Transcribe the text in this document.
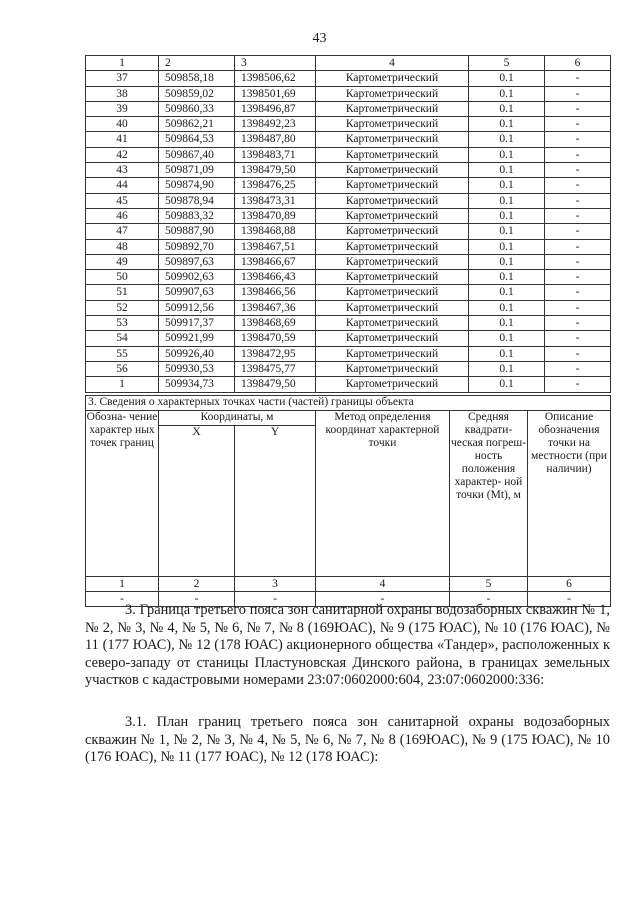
43
1	2	3	4	5	6
37	509858,18	1398506,62	Картометрический	0.1	-
38	509859,02	1398501,69	Картометрический	0.1	-
39	509860,33	1398496,87	Картометрический	0.1	-
40	509862,21	1398492,23	Картометрический	0.1	-
41	509864,53	1398487,80	Картометрический	0.1	-
42	509867,40	1398483,71	Картометрический	0.1	-
43	509871,09	1398479,50	Картометрический	0.1	-
44	509874,90	1398476,25	Картометрический	0.1	-
45	509878,94	1398473,31	Картометрический	0.1	-
46	509883,32	1398470,89	Картометрический	0.1	-
47	509887,90	1398468,88	Картометрический	0.1	-
48	509892,70	1398467,51	Картометрический	0.1	-
49	509897,63	1398466,67	Картометрический	0.1	-
50	509902,63	1398466,43	Картометрический	0.1	-
51	509907,63	1398466,56	Картометрический	0.1	-
52	509912,56	1398467,36	Картометрический	0.1	-
53	509917,37	1398468,69	Картометрический	0.1	-
54	509921,99	1398470,59	Картометрический	0.1	-
55	509926,40	1398472,95	Картометрический	0.1	-
56	509930,53	1398475,77	Картометрический	0.1	-
1	509934,73	1398479,50	Картометрический	0.1	-
3. Сведения о характерных точках части (частей) границы объекта					
Обозна- чение характер ных точек границ	Координаты, м		Метод определения координат характерной точки	Средняя квадрати- ческая погреш- ность положения характер- ной точки (Mt), м	Описание обозначения точки на местности (при наличии)
	X	Y			
1	2	3	4	5	6
-	-	-	-	-	-

3. Граница третьего пояса зон санитарной охраны водозаборных скважин № 1, № 2, № 3, № 4, № 5, № 6, № 7, № 8 (169ЮАС), № 9 (175 ЮАС), № 10 (176 ЮАС), № 11 (177 ЮАС), № 12 (178 ЮАС) акционерного общества «Тандер», расположенных к северо-западу от станицы Пластуновская Динского района, в границах земельных участков с кадастровыми номерами 23:07:0602000:604, 23:07:0602000:336:

3.1. План границ третьего пояса зон санитарной охраны водозаборных скважин № 1, № 2, № 3, № 4, № 5, № 6, № 7, № 8 (169ЮАС), № 9 (175 ЮАС), № 10 (176 ЮАС), № 11 (177 ЮАС), № 12 (178 ЮАС):
